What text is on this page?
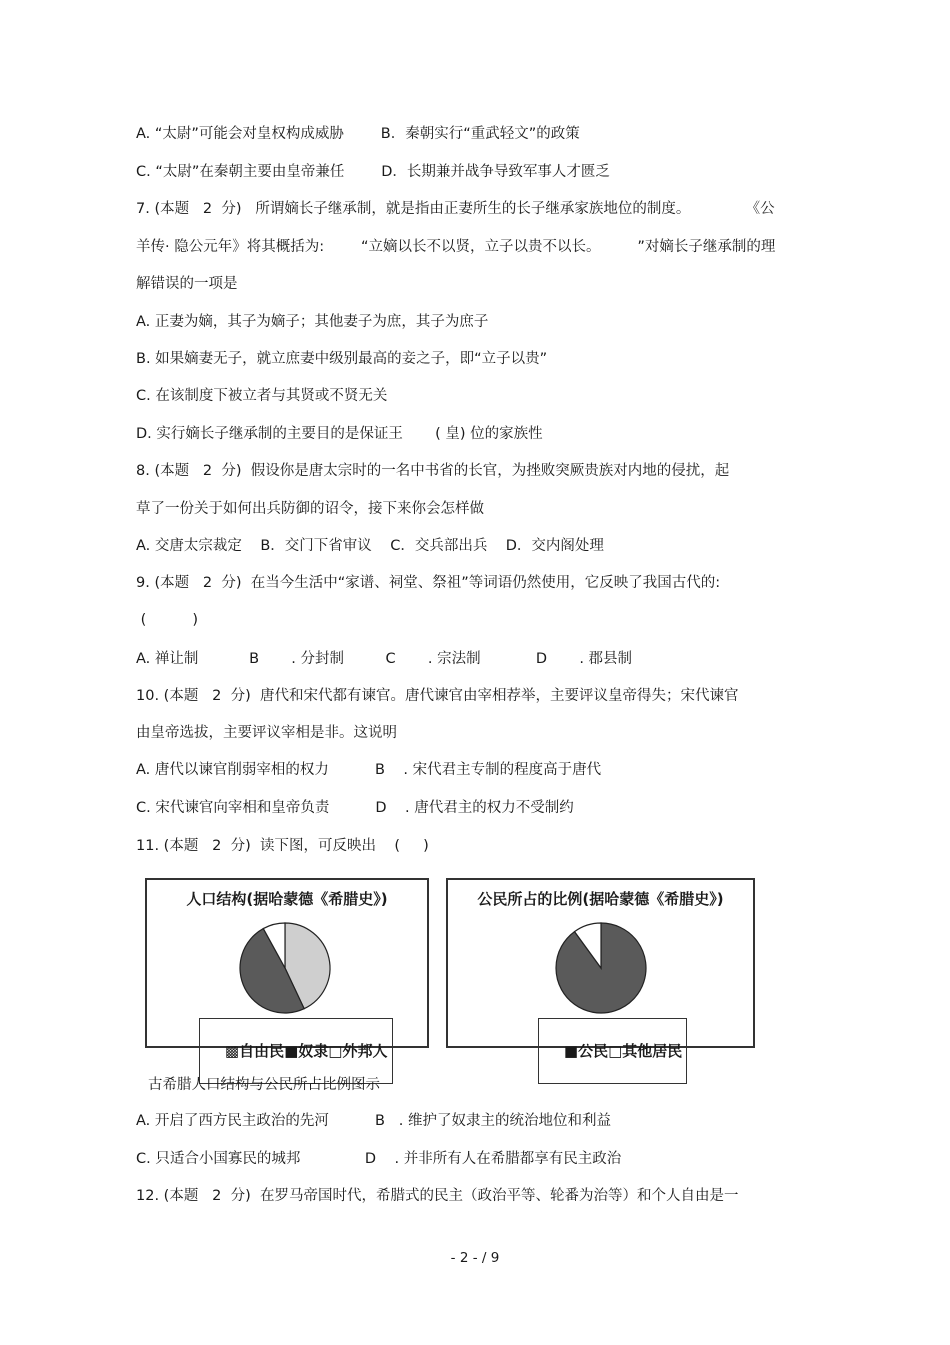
A. “太尉”可能会对皇权构成威胁        B．秦朝实行“重武轻文”的政策
C. “太尉”在秦朝主要由皇帝兼任        D．长期兼并战争导致军事人才匮乏
7. (本题   2  分)   所谓嫡长子继承制，就是指由正妻所生的长子继承家族地位的制度。            《公
羊传· 隐公元年》将其概括为:        “立嫡以长不以贤，立子以贵不以长。        ”对嫡长子继承制的理
解错误的一项是
A. 正妻为嫡，其子为嫡子；其他妻子为庶，其子为庶子
B. 如果嫡妻无子，就立庶妻中级别最高的妾之子，即“立子以贵”
C. 在该制度下被立者与其贤或不贤无关
D. 实行嫡长子继承制的主要目的是保证王       ( 皇) 位的家族性
8. (本题   2  分)  假设你是唐太宗时的一名中书省的长官，为挫败突厥贵族对内地的侵扰，起
草了一份关于如何出兵防御的诏令，接下来你会怎样做
A. 交唐太宗裁定    B．交门下省审议    C．交兵部出兵    D．交内阁处理
9. (本题   2  分)  在当今生活中“家谱、祠堂、祭祖”等词语仍然使用，它反映了我国古代的:
(          )
A. 禅让制           B       . 分封制         C       . 宗法制            D       . 郡县制
10. (本题   2  分)  唐代和宋代都有谏官。唐代谏官由宰相荐举，主要评议皇帝得失；宋代谏官
由皇帝选拔，主要评议宰相是非。这说明
A. 唐代以谏官削弱宰相的权力          B    . 宋代君主专制的程度高于唐代
C. 宋代谏官向宰相和皇帝负责          D    . 唐代君主的权力不受制约
11. (本题   2  分)  读下图，可反映出    (     )
人口结构(据哈蒙德《希腊史》)

▩自由民■奴隶□外邦人

公民所占的比例(据哈蒙德《希腊史》)

■公民□其他居民

古希腊人口结构与公民所占比例图示
A. 开启了西方民主政治的先河          B   . 维护了奴隶主的统治地位和利益
C. 只适合小国寡民的城邦              D    . 并非所有人在希腊都享有民主政治
12. (本题   2  分)  在罗马帝国时代，希腊式的民主（政治平等、轮番为治等）和个人自由是一
- 2 - / 9
